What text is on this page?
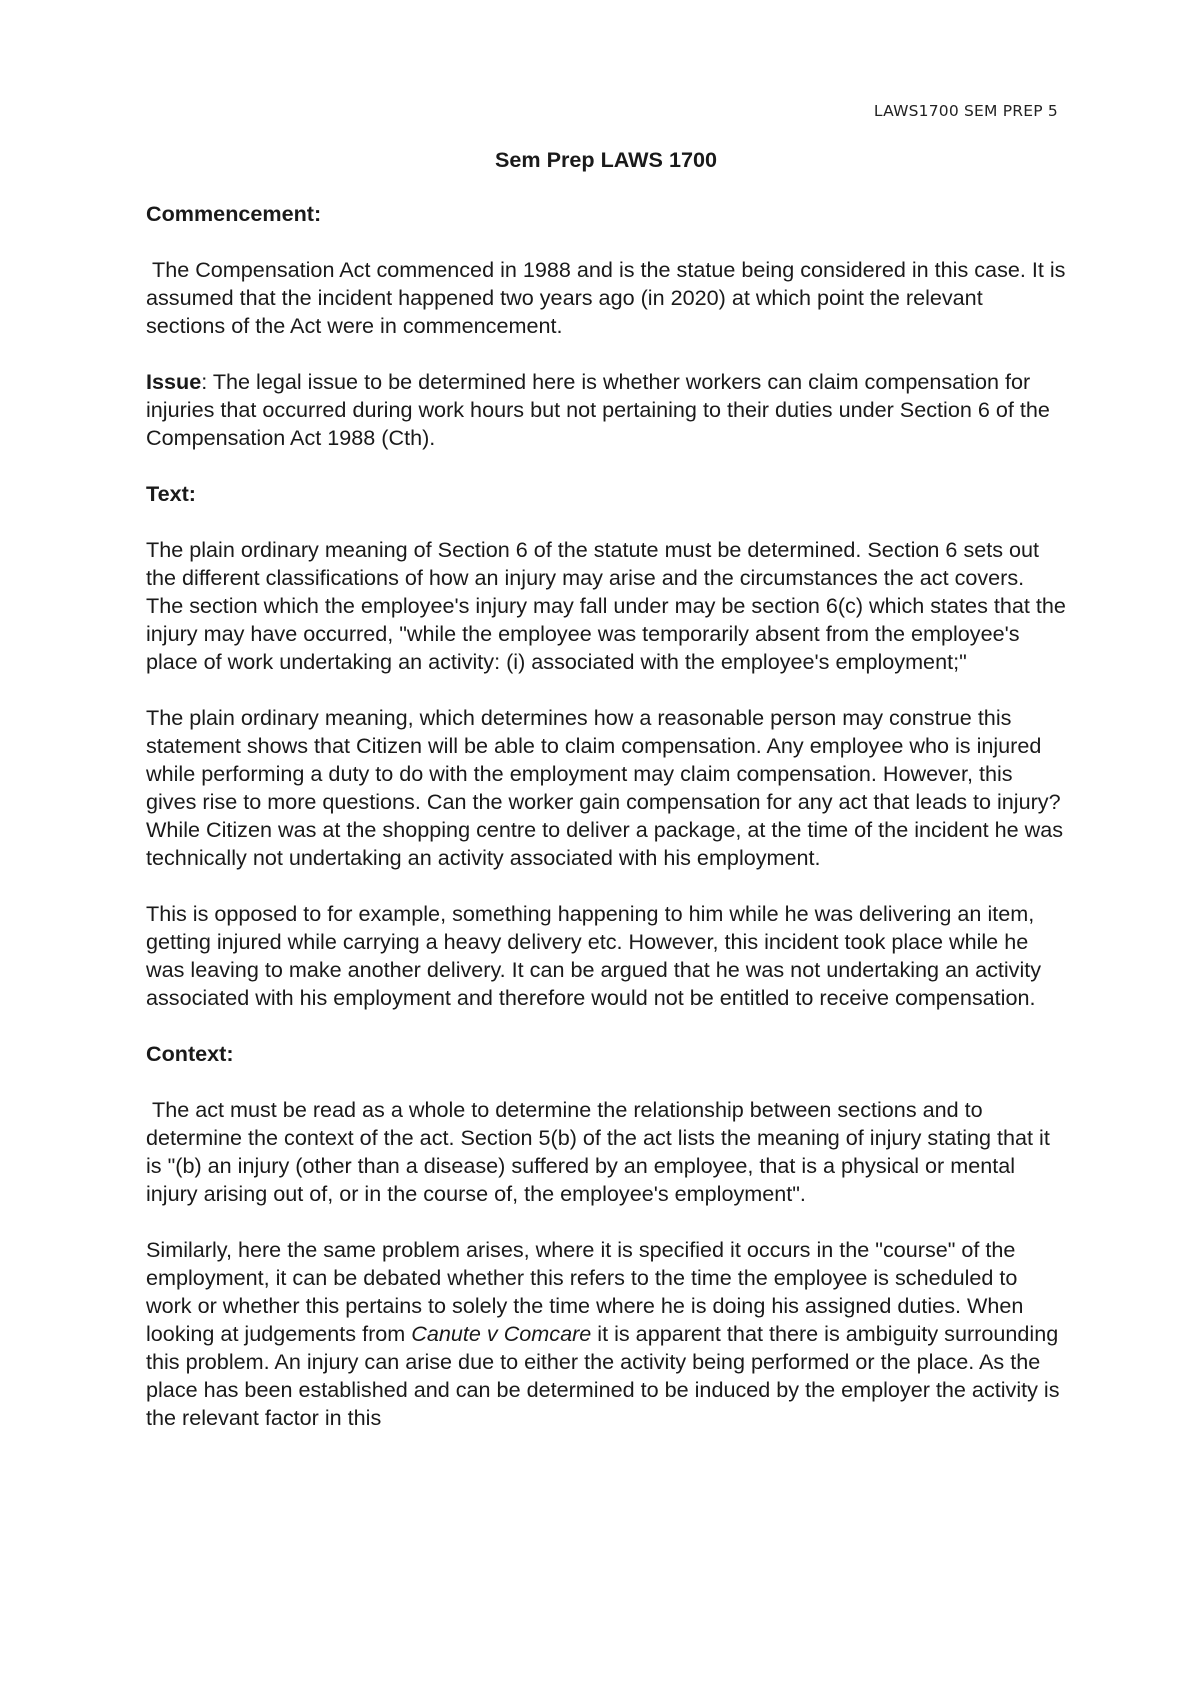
LAWS1700 SEM PREP 5
Sem Prep LAWS 1700
Commencement:

The Compensation Act commenced in 1988 and is the statue being considered in this case. It is assumed that the incident happened two years ago (in 2020) at which point the relevant sections of the Act were in commencement.

Issue: The legal issue to be determined here is whether workers can claim compensation for injuries that occurred during work hours but not pertaining to their duties under Section 6 of the Compensation Act 1988 (Cth).

Text:

The plain ordinary meaning of Section 6 of the statute must be determined. Section 6 sets out the different classifications of how an injury may arise and the circumstances the act covers. The section which the employee's injury may fall under may be section 6(c) which states that the injury may have occurred, "while the employee was temporarily absent from the employee's place of work undertaking an activity: (i) associated with the employee's employment;"

The plain ordinary meaning, which determines how a reasonable person may construe this statement shows that Citizen will be able to claim compensation. Any employee who is injured while performing a duty to do with the employment may claim compensation. However, this gives rise to more questions. Can the worker gain compensation for any act that leads to injury? While Citizen was at the shopping centre to deliver a package, at the time of the incident he was technically not undertaking an activity associated with his employment.

This is opposed to for example, something happening to him while he was delivering an item, getting injured while carrying a heavy delivery etc. However, this incident took place while he was leaving to make another delivery. It can be argued that he was not undertaking an activity associated with his employment and therefore would not be entitled to receive compensation.

Context:

The act must be read as a whole to determine the relationship between sections and to determine the context of the act. Section 5(b) of the act lists the meaning of injury stating that it is "(b) an injury (other than a disease) suffered by an employee, that is a physical or mental injury arising out of, or in the course of, the employee's employment".

Similarly, here the same problem arises, where it is specified it occurs in the "course" of the employment, it can be debated whether this refers to the time the employee is scheduled to work or whether this pertains to solely the time where he is doing his assigned duties. When looking at judgements from Canute v Comcare it is apparent that there is ambiguity surrounding this problem. An injury can arise due to either the activity being performed or the place. As the place has been established and can be determined to be induced by the employer the activity is the relevant factor in this
